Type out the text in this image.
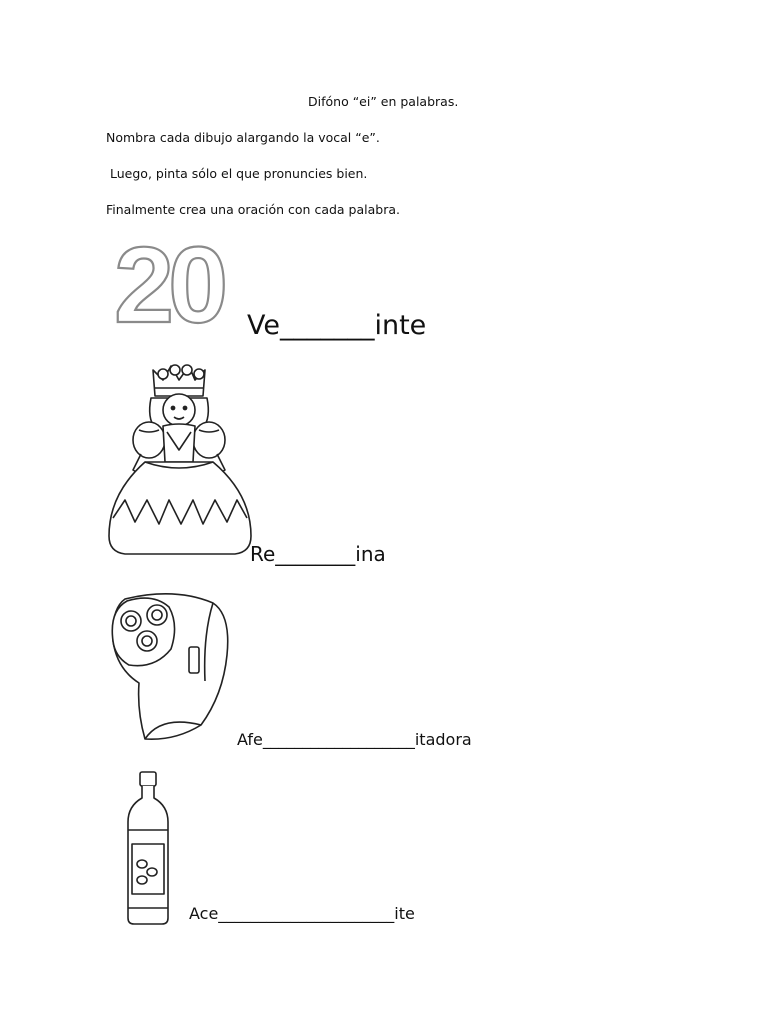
Difóno “ei” en palabras.
Nombra cada dibujo alargando la vocal “e”.
Luego, pinta sólo el que pronuncies bien.
Finalmente crea una oración con cada palabra.
20 Ve_______inte
Re________ina
Afe___________________itadora
Ace______________________ite
